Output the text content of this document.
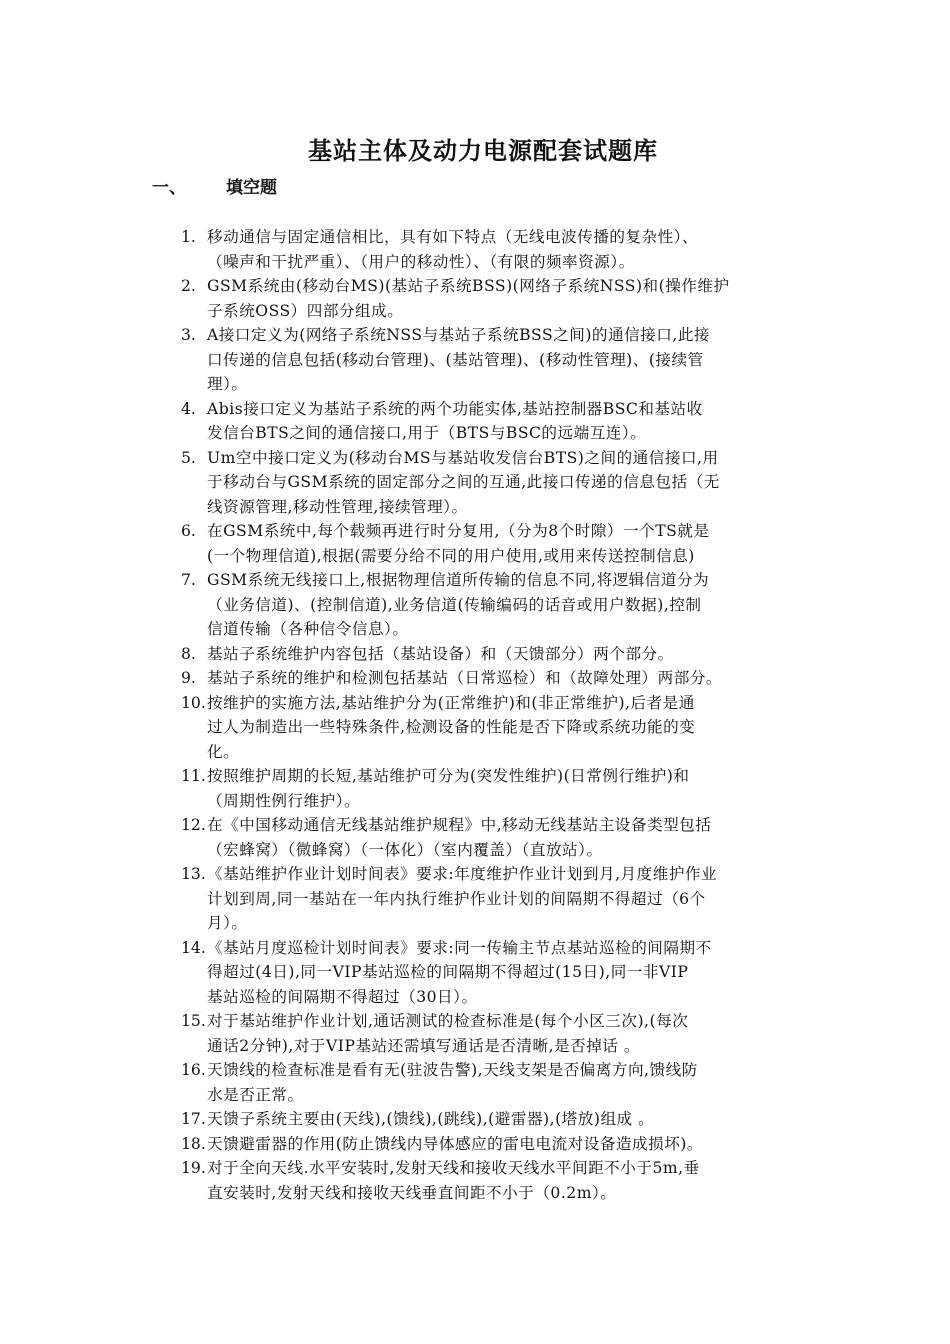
基站主体及动力电源配套试题库
一、 填空题
1. 移动通信与固定通信相比，具有如下特点（无线电波传播的复杂性）、
（噪声和干扰严重）、（用户的移动性）、（有限的频率资源）。
2. GSM系统由(移动台MS)(基站子系统BSS)(网络子系统NSS)和(操作维护
子系统OSS）四部分组成。
3. A接口定义为(网络子系统NSS与基站子系统BSS之间)的通信接口,此接
口传递的信息包括(移动台管理)、(基站管理)、(移动性管理)、(接续管
理）。
4. Abis接口定义为基站子系统的两个功能实体,基站控制器BSC和基站收
发信台BTS之间的通信接口,用于（BTS与BSC的远端互连）。
5. Um空中接口定义为(移动台MS与基站收发信台BTS)之间的通信接口,用
于移动台与GSM系统的固定部分之间的互通,此接口传递的信息包括（无
线资源管理,移动性管理,接续管理）。
6. 在GSM系统中,每个载频再进行时分复用,（分为8个时隙）一个TS就是
(一个物理信道),根据(需要分给不同的用户使用,或用来传送控制信息)
7. GSM系统无线接口上,根据物理信道所传输的信息不同,将逻辑信道分为
（业务信道)、(控制信道),业务信道(传输编码的话音或用户数据),控制
信道传输（各种信令信息）。
8. 基站子系统维护内容包括（基站设备）和（天馈部分）两个部分。
9. 基站子系统的维护和检测包括基站（日常巡检）和（故障处理）两部分。
10. 按维护的实施方法,基站维护分为(正常维护)和(非正常维护),后者是通
过人为制造出一些特殊条件,检测设备的性能是否下降或系统功能的变
化。
11. 按照维护周期的长短,基站维护可分为(突发性维护)(日常例行维护)和
（周期性例行维护）。
12. 在《中国移动通信无线基站维护规程》中,移动无线基站主设备类型包括
（宏蜂窝）（微蜂窝）（一体化）（室内覆盖）（直放站）。
13. 《基站维护作业计划时间表》要求:年度维护作业计划到月,月度维护作业
计划到周,同一基站在一年内执行维护作业计划的间隔期不得超过（6个
月）。
14. 《基站月度巡检计划时间表》要求:同一传输主节点基站巡检的间隔期不
得超过(4日),同一VIP基站巡检的间隔期不得超过(15日),同一非VIP
基站巡检的间隔期不得超过（30日）。
15. 对于基站维护作业计划,通话测试的检查标准是(每个小区三次),(每次
通话2分钟),对于VIP基站还需填写通话是否清晰,是否掉话 。
16. 天馈线的检查标准是看有无(驻波告警),天线支架是否偏离方向,馈线防
水是否正常。
17. 天馈子系统主要由(天线),(馈线),(跳线),(避雷器),(塔放)组成 。
18. 天馈避雷器的作用(防止馈线内导体感应的雷电电流对设备造成损坏)。
19. 对于全向天线.水平安装时,发射天线和接收天线水平间距不小于5m,垂
直安装时,发射天线和接收天线垂直间距不小于（0.2m）。
